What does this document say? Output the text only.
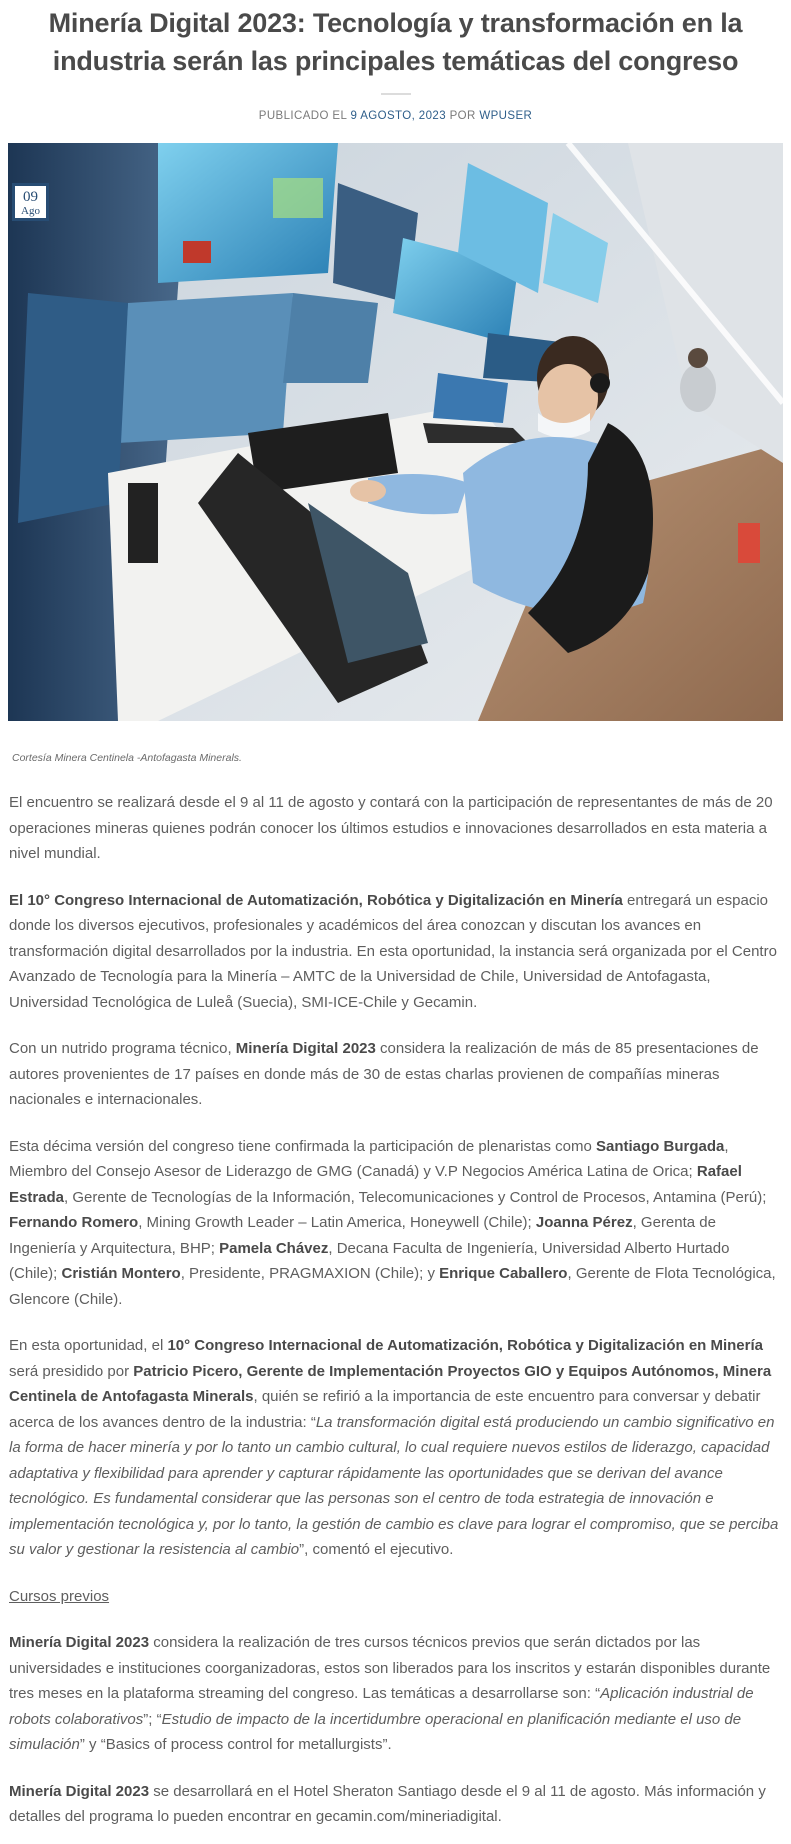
Minería Digital 2023: Tecnología y transformación en la industria serán las principales temáticas del congreso
PUBLICADO EL 9 AGOSTO, 2023 POR WPUSER
09
Ago
Cortesía Minera Centinela -Antofagasta Minerals.

El encuentro se realizará desde el 9 al 11 de agosto y contará con la participación de representantes de más de 20 operaciones mineras quienes podrán conocer los últimos estudios e innovaciones desarrollados en esta materia a nivel mundial.

El 10° Congreso Internacional de Automatización, Robótica y Digitalización en Minería entregará un espacio donde los diversos ejecutivos, profesionales y académicos del área conozcan y discutan los avances en transformación digital desarrollados por la industria. En esta oportunidad, la instancia será organizada por el Centro Avanzado de Tecnología para la Minería – AMTC de la Universidad de Chile, Universidad de Antofagasta, Universidad Tecnológica de Luleå (Suecia), SMI-ICE-Chile y Gecamin.

Con un nutrido programa técnico, Minería Digital 2023 considera la realización de más de 85 presentaciones de autores provenientes de 17 países en donde más de 30 de estas charlas provienen de compañías mineras nacionales e internacionales.

Esta décima versión del congreso tiene confirmada la participación de plenaristas como Santiago Burgada, Miembro del Consejo Asesor de Liderazgo de GMG (Canadá) y V.P Negocios América Latina de Orica; Rafael Estrada, Gerente de Tecnologías de la Información, Telecomunicaciones y Control de Procesos, Antamina (Perú); Fernando Romero, Mining Growth Leader – Latin America, Honeywell (Chile); Joanna Pérez, Gerenta de Ingeniería y Arquitectura, BHP; Pamela Chávez, Decana Faculta de Ingeniería, Universidad Alberto Hurtado (Chile); Cristián Montero, Presidente, PRAGMAXION (Chile); y Enrique Caballero, Gerente de Flota Tecnológica, Glencore (Chile).

En esta oportunidad, el 10° Congreso Internacional de Automatización, Robótica y Digitalización en Minería será presidido por Patricio Picero, Gerente de Implementación Proyectos GIO y Equipos Autónomos, Minera Centinela de Antofagasta Minerals, quién se refirió a la importancia de este encuentro para conversar y debatir acerca de los avances dentro de la industria: “La transformación digital está produciendo un cambio significativo en la forma de hacer minería y por lo tanto un cambio cultural, lo cual requiere nuevos estilos de liderazgo, capacidad adaptativa y flexibilidad para aprender y capturar rápidamente las oportunidades que se derivan del avance tecnológico. Es fundamental considerar que las personas son el centro de toda estrategia de innovación e implementación tecnológica y, por lo tanto, la gestión de cambio es clave para lograr el compromiso, que se perciba su valor y gestionar la resistencia al cambio”, comentó el ejecutivo.

Cursos previos

Minería Digital 2023 considera la realización de tres cursos técnicos previos que serán dictados por las universidades e instituciones coorganizadoras, estos son liberados para los inscritos y estarán disponibles durante tres meses en la plataforma streaming del congreso. Las temáticas a desarrollarse son: “Aplicación industrial de robots colaborativos”; “Estudio de impacto de la incertidumbre operacional en planificación mediante el uso de simulación” y “Basics of process control for metallurgists”.

Minería Digital 2023 se desarrollará en el Hotel Sheraton Santiago desde el 9 al 11 de agosto. Más información y detalles del programa lo pueden encontrar en gecamin.com/mineriadigital.
